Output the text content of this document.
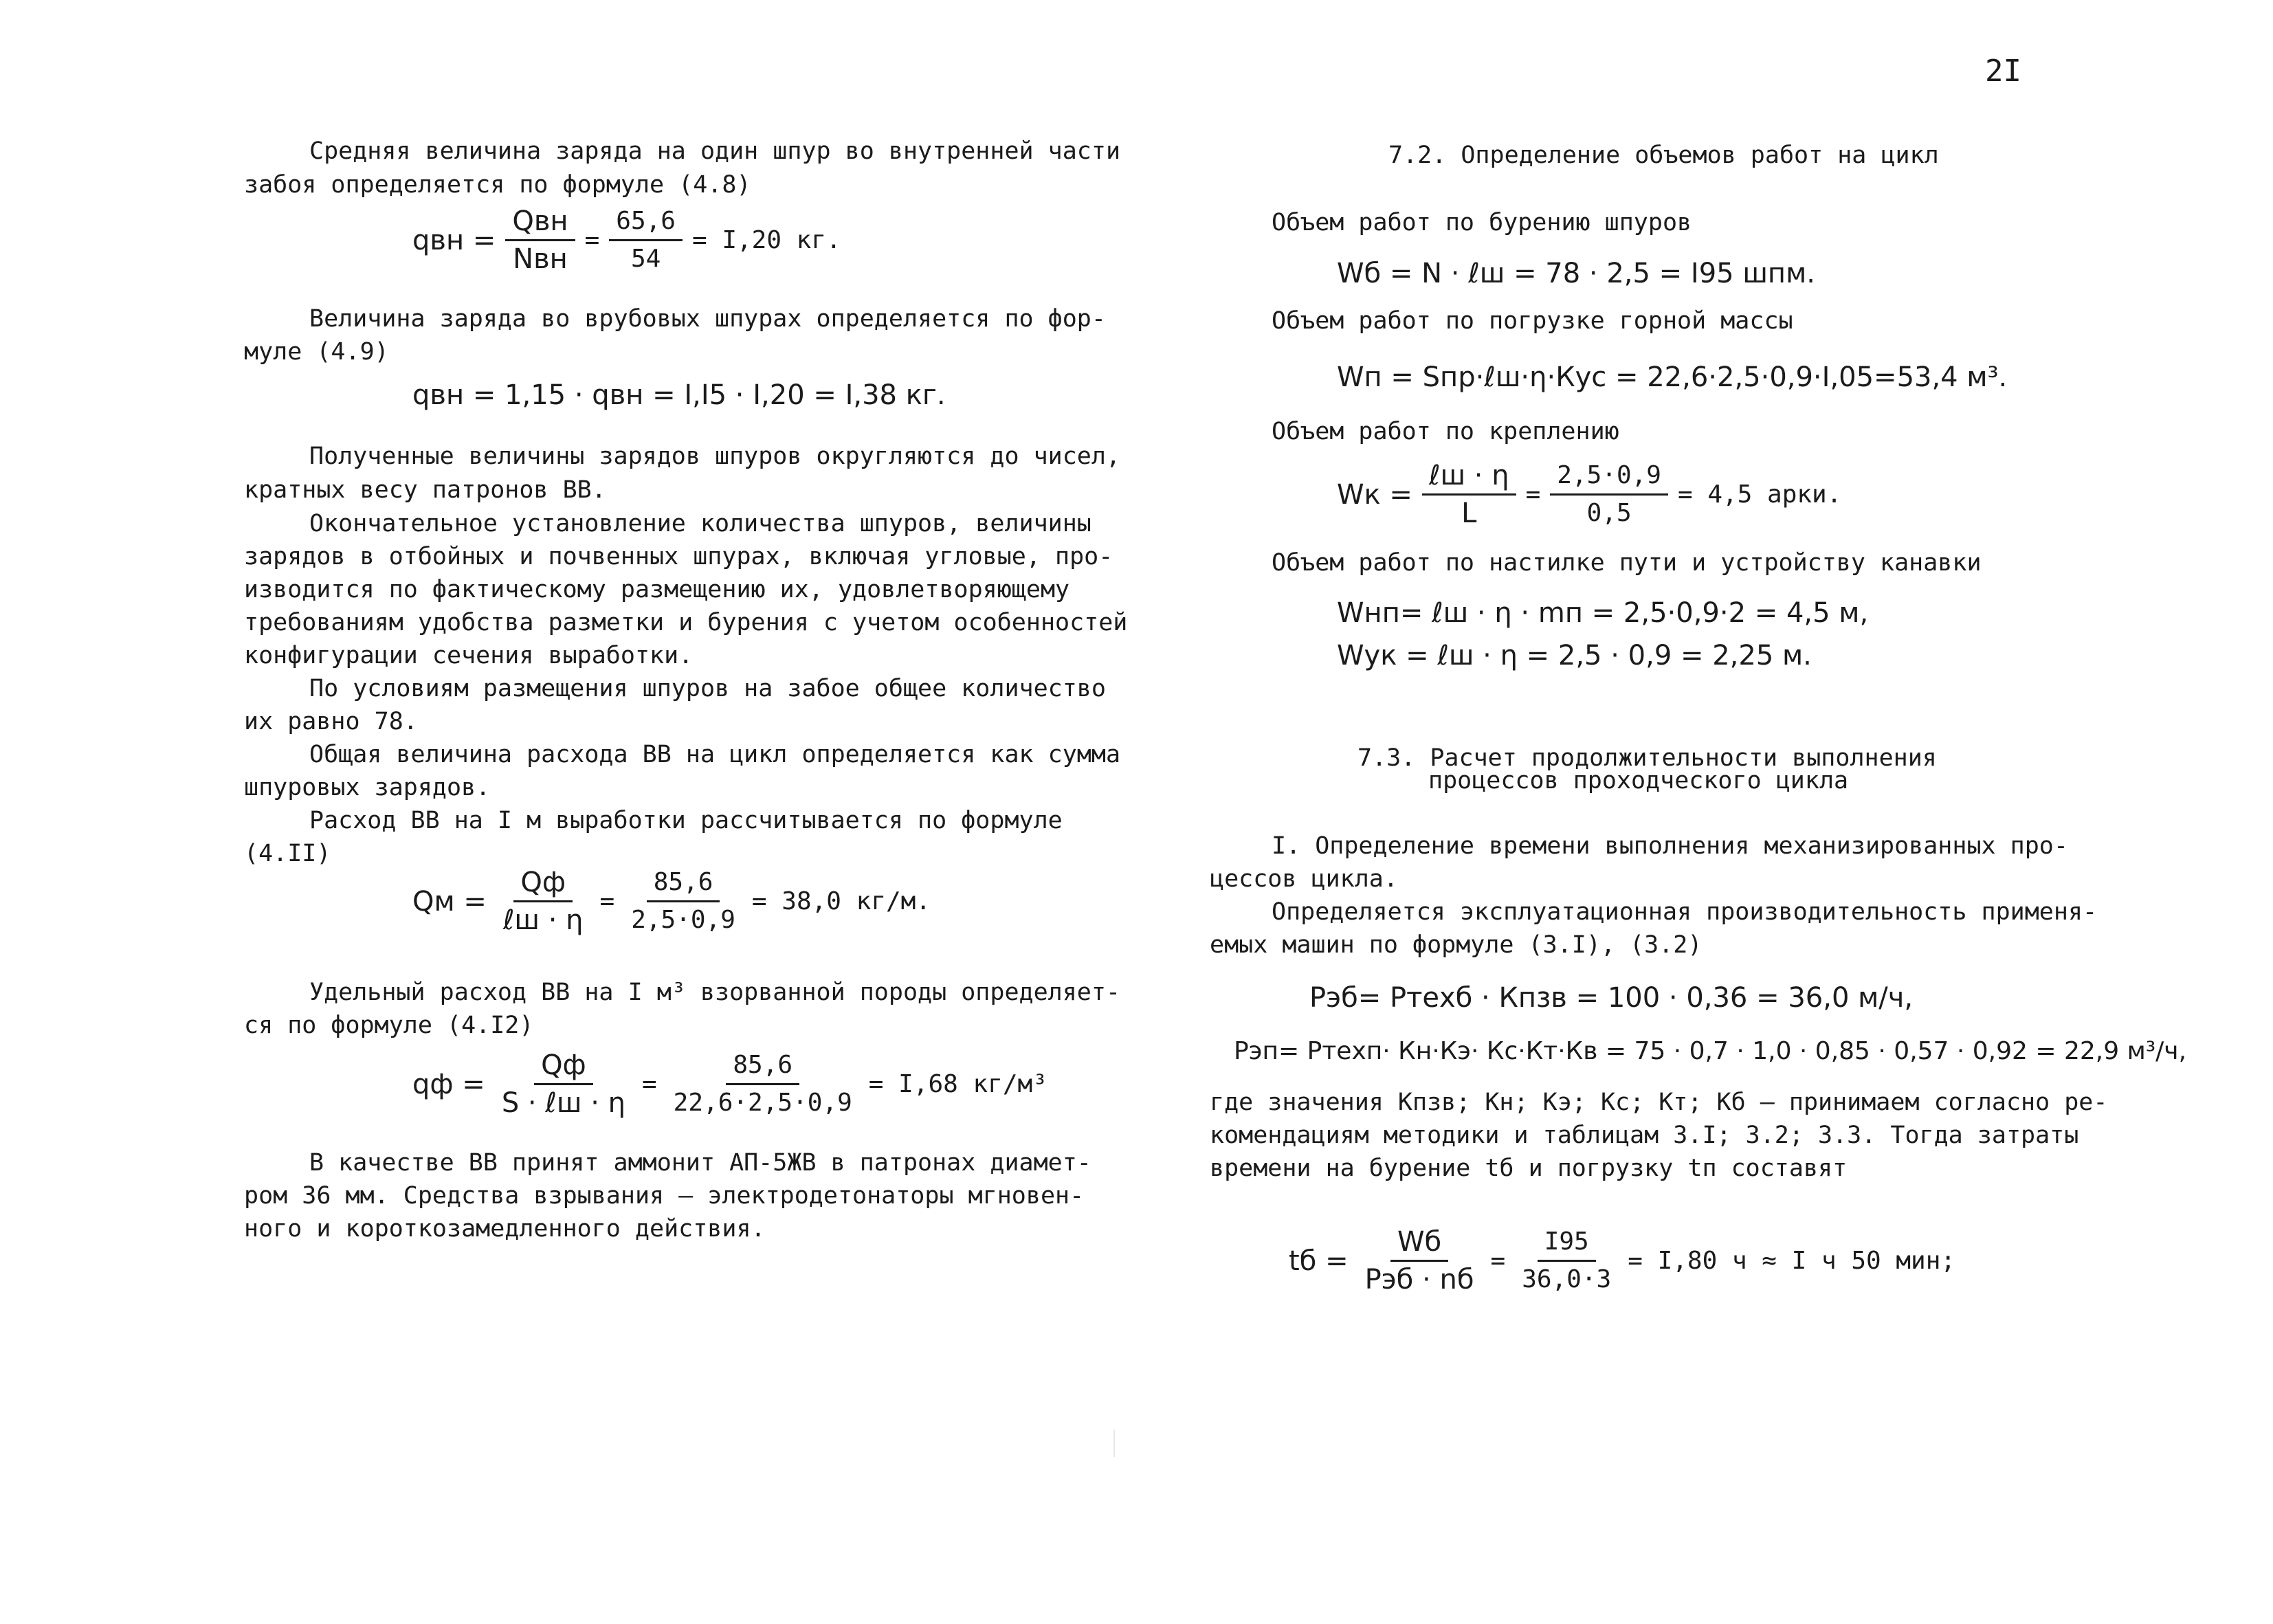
2I
Средняя величина заряда на один шпур во внутренней части
забоя определяется по формуле (4.8)
qвн = $\frac{\text{Qвн}}{\text{Nвн}} = \frac{65,6}{54} = I,20$ кг.
Величина заряда во врубовых шпурах определяется по фор-
муле (4.9)
qвн = 1,15 · qвн = I,I5 · I,20 = I,38 кг.
Полученные величины зарядов шпуров округляются до чисел,
кратных весу патронов ВВ.
Окончательное установление количества шпуров, величины
зарядов в отбойных и почвенных шпурах, включая угловые, про-
изводится по фактическому размещению их, удовлетворяющему
требованиям удобства разметки и бурения с учетом особенностей
конфигурации сечения выработки.
По условиям размещения шпуров на забое общее количество
их равно 78.
Общая величина расхода ВВ на цикл определяется как сумма
шпуровых зарядов.
Расход ВВ на I м выработки рассчитывается по формуле
(4.II)
Qм = $\frac{Qф}{\text{ℓш · η}} = \frac{85,6}{2,5\cdot 0,9} = 38,0$ кг/м.
Удельный расход ВВ на I м³ взорванной породы определяет-
ся по формуле (4.I2)
qф = $\frac{Qф}{\text{S · ℓш · η}} = \frac{85,6}{22,6\cdot 2,5\cdot 0,9} = I,68$ кг/м³
В качестве ВВ принят аммонит АП-5ЖВ в патронах диамет-
ром 36 мм. Средства взрывания – электродетонаторы мгновен-
ного и короткозамедленного действия.
7.2. Определение объемов работ на цикл
Объем работ по бурению шпуров
Wб = N · ℓш = 78 · 2,5 = I95 шпм.
Объем работ по погрузке горной массы
Wп = Sпр·ℓш·η·Кус = 22,6·2,5·0,9·I,05=53,4 м³.
Объем работ по креплению
Wк = $\frac{\text{ℓш · η}}{L} = \frac{2,5\cdot 0,9}{0,5} = 4,5$ арки.
Объем работ по настилке пути и устройству канавки
Wнп= ℓш · η · mп = 2,5·0,9·2 = 4,5 м,
Wук = ℓш · η = 2,5 · 0,9 = 2,25 м.
7.3. Расчет продолжительности выполнения
процессов проходческого цикла
I. Определение времени выполнения механизированных про-
цессов цикла.
Определяется эксплуатационная производительность применя-
емых машин по формуле (3.I), (3.2)
Pэб= Pтехб · Кпзв = 100 · 0,36 = 36,0 м/ч,
Pэп= Pтехп· Кн·Кэ· Кс·Кт·Кв = 75 · 0,7 · 1,0 · 0,85 · 0,57 · 0,92 = 22,9 м³/ч,
где значения Кпзв; Кн; Кэ; Кс; Кт; Кб – принимаем согласно ре-
комендациям методики и таблицам 3.I; 3.2; 3.3. Тогда затраты
времени на бурение tб и погрузку tп составят
tб = $\frac{Wб}{\text{Pэб · nб}} = \frac{I95}{36,0\cdot 3} = I,80$ ч ≈ I ч 50 мин;
